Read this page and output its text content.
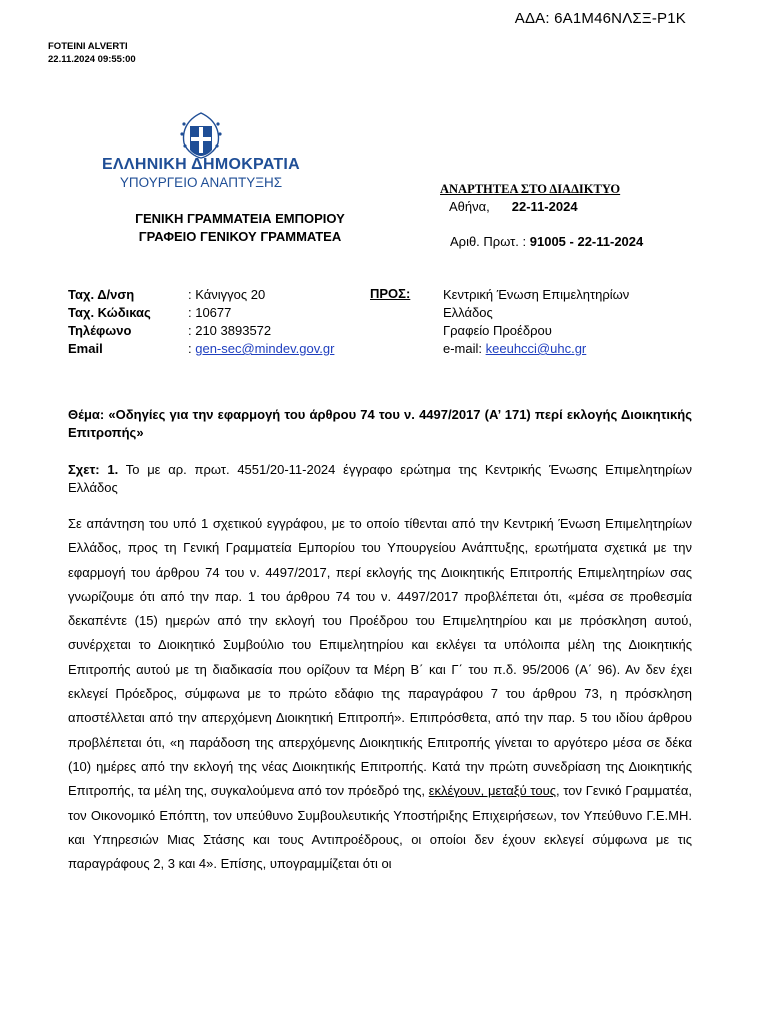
ΑΔΑ: 6Α1Μ46ΝΛΣΞ-Ρ1Κ
FOTEINI ALVERTI
22.11.2024 09:55:00
ΕΛΛΗΝΙΚΗ ΔΗΜΟΚΡΑΤΙΑ
ΥΠΟΥΡΓΕΙΟ ΑΝΑΠΤΥΞΗΣ
ΓΕΝΙΚΗ ΓΡΑΜΜΑΤΕΙΑ ΕΜΠΟΡΙΟΥ
ΓΡΑΦΕΙΟ ΓΕΝΙΚΟΥ ΓΡΑΜΜΑΤΕΑ
ΑΝΑΡΤΗΤΕΑ ΣΤΟ ΔΙΑΔΙΚΤΥΟ
Αθήνα, 22-11-2024
Αριθ. Πρωτ. : 91005 - 22-11-2024
Ταχ. Δ/νση	: Κάνιγγος 20
Ταχ. Κώδικας	: 10677
Τηλέφωνο	: 210 3893572
Email	: gen-sec@mindev.gov.gr
ΠΡΟΣ:	Κεντρική Ένωση Επιμελητηρίων
Ελλάδος
Γραφείο Προέδρου
e-mail: keeuhcci@uhc.gr
Θέμα: «Οδηγίες για την εφαρμογή του άρθρου 74 του ν. 4497/2017 (Α’ 171) περί εκλογής Διοικητικής Επιτροπής»
Σχετ: 1. Το με αρ. πρωτ. 4551/20-11-2024 έγγραφο ερώτημα της Κεντρικής Ένωσης Επιμελητηρίων Ελλάδος
Σε απάντηση του υπό 1 σχετικού εγγράφου, με το οποίο τίθενται από την Κεντρική Ένωση Επιμελητηρίων Ελλάδος, προς τη Γενική Γραμματεία Εμπορίου του Υπουργείου Ανάπτυξης, ερωτήματα σχετικά με την εφαρμογή του άρθρου 74 του ν. 4497/2017, περί εκλογής της Διοικητικής Επιτροπής Επιμελητηρίων σας γνωρίζουμε ότι από την παρ. 1 του άρθρου 74 του ν. 4497/2017 προβλέπεται ότι, «μέσα σε προθεσμία δεκαπέντε (15) ημερών από την εκλογή του Προέδρου του Επιμελητηρίου και με πρόσκληση αυτού, συνέρχεται το Διοικητικό Συμβούλιο του Επιμελητηρίου και εκλέγει τα υπόλοιπα μέλη της Διοικητικής Επιτροπής αυτού με τη διαδικασία που ορίζουν τα Μέρη Β΄ και Γ΄ του π.δ. 95/2006 (Α΄ 96). Αν δεν έχει εκλεγεί Πρόεδρος, σύμφωνα με το πρώτο εδάφιο της παραγράφου 7 του άρθρου 73, η πρόσκληση αποστέλλεται από την απερχόμενη Διοικητική Επιτροπή». Επιπρόσθετα, από την παρ. 5 του ιδίου άρθρου προβλέπεται ότι, «η παράδοση της απερχόμενης Διοικητικής Επιτροπής γίνεται το αργότερο μέσα σε δέκα (10) ημέρες από την εκλογή της νέας Διοικητικής Επιτροπής. Κατά την πρώτη συνεδρίαση της Διοικητικής Επιτροπής, τα μέλη της, συγκαλούμενα από τον πρόεδρό της, εκλέγουν, μεταξύ τους, τον Γενικό Γραμματέα, τον Οικονομικό Επόπτη, τον υπεύθυνο Συμβουλευτικής Υποστήριξης Επιχειρήσεων, τον Υπεύθυνο Γ.Ε.ΜΗ. και Υπηρεσιών Μιας Στάσης και τους Αντιπροέδρους, οι οποίοι δεν έχουν εκλεγεί σύμφωνα με τις παραγράφους 2, 3 και 4». Επίσης, υπογραμμίζεται ότι οι
